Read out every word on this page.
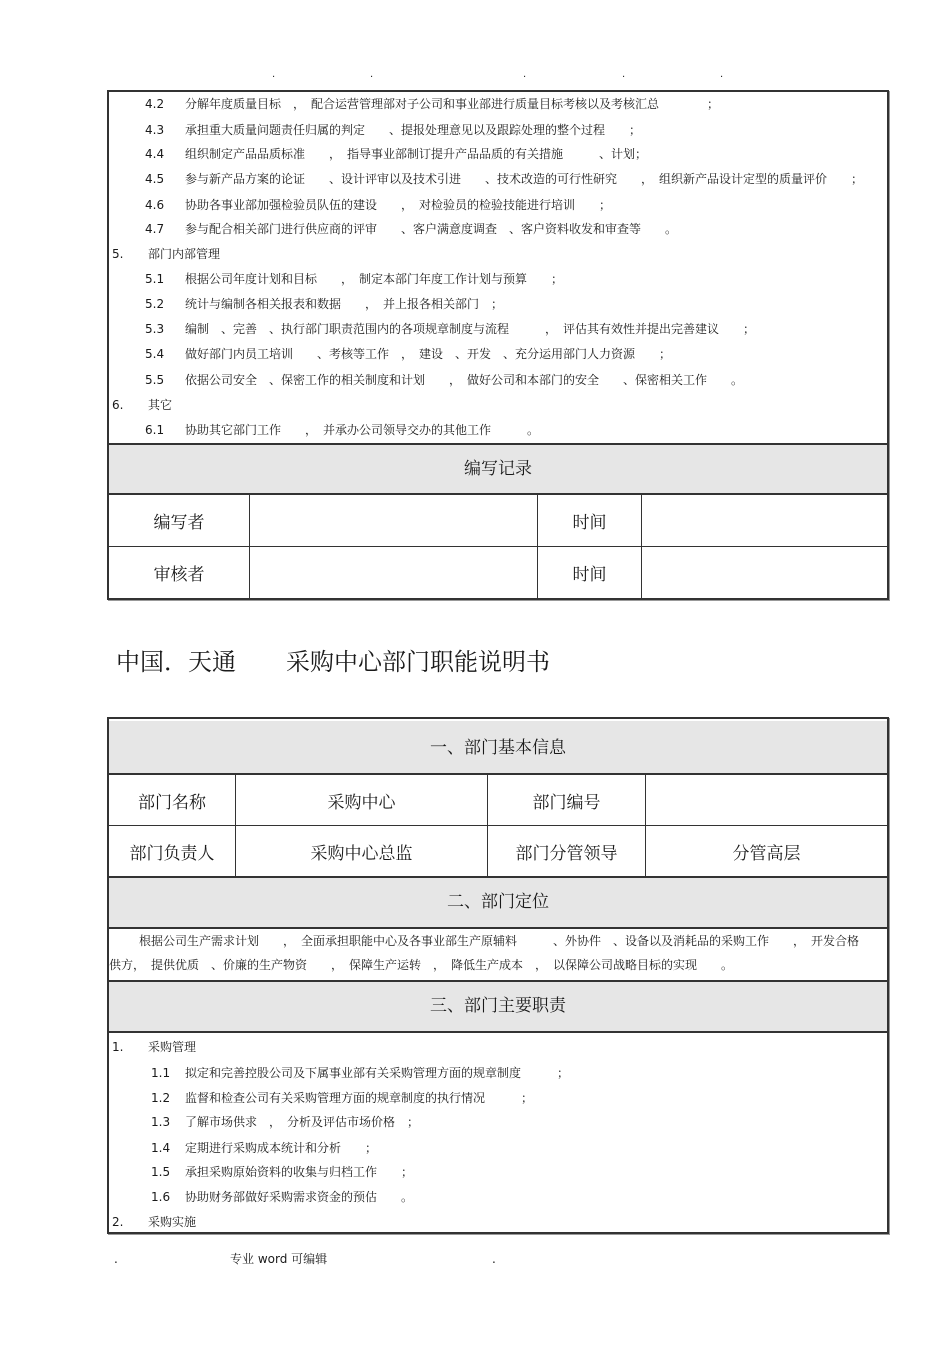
.	.	.	.	.
4.2 分解年度质量目标　，　配合运营管理部对子公司和事业部进行质量目标考核以及考核汇总　　　　；
4.3 承担重大质量问题责任归属的判定　　、提报处理意见以及跟踪处理的整个过程　　；
4.4 组织制定产品品质标准　　，　指导事业部制订提升产品品质的有关措施　　　、计划；
4.5 参与新产品方案的论证　　、设计评审以及技术引进　　、技术改造的可行性研究　　，　组织新产品设计定型的质量评价　　；
4.6 协助各事业部加强检验员队伍的建设　　，　对检验员的检验技能进行培训　　；
4.7 参与配合相关部门进行供应商的评审　　、客户满意度调查　、客户资料收发和审查等　　。
5. 部门内部管理
5.1 根据公司年度计划和目标　　，　制定本部门年度工作计划与预算　　；
5.2 统计与编制各相关报表和数据　　，　并上报各相关部门　；
5.3 编制　、完善　、执行部门职责范围内的各项规章制度与流程　　　，　评估其有效性并提出完善建议　　；
5.4 做好部门内员工培训　　、考核等工作　，　建设　、开发　、充分运用部门人力资源　　；
5.5 依据公司安全　、保密工作的相关制度和计划　　，　做好公司和本部门的安全　　、保密相关工作　　。
6. 其它
6.1 协助其它部门工作　　，　并承办公司领导交办的其他工作　　　。
编写记录
编写者	时间
审核者	时间
中国．天通 采购中心部门职能说明书
一、部门基本信息
部门名称	采购中心	部门编号
部门负责人	采购中心总监	部门分管领导	分管高层
二、部门定位
　　根据公司生产需求计划　　，　全面承担职能中心及各事业部生产原辅料　　　、外协件　、设备以及消耗品的采购工作　　，　开发合格
供方，　提供优质　、价廉的生产物资　　，　保障生产运转　，　降低生产成本　，　以保障公司战略目标的实现　　。
三、部门主要职责
1. 采购管理
1.1 拟定和完善控股公司及下属事业部有关采购管理方面的规章制度　　　；
1.2 监督和检查公司有关采购管理方面的规章制度的执行情况　　　；
1.3 了解市场供求　，　分析及评估市场价格　；
1.4 定期进行采购成本统计和分析　　；
1.5 承担采购原始资料的收集与归档工作　　；
1.6 协助财务部做好采购需求资金的预估　　。
2. 采购实施
.	专业 word 可编辑	.
